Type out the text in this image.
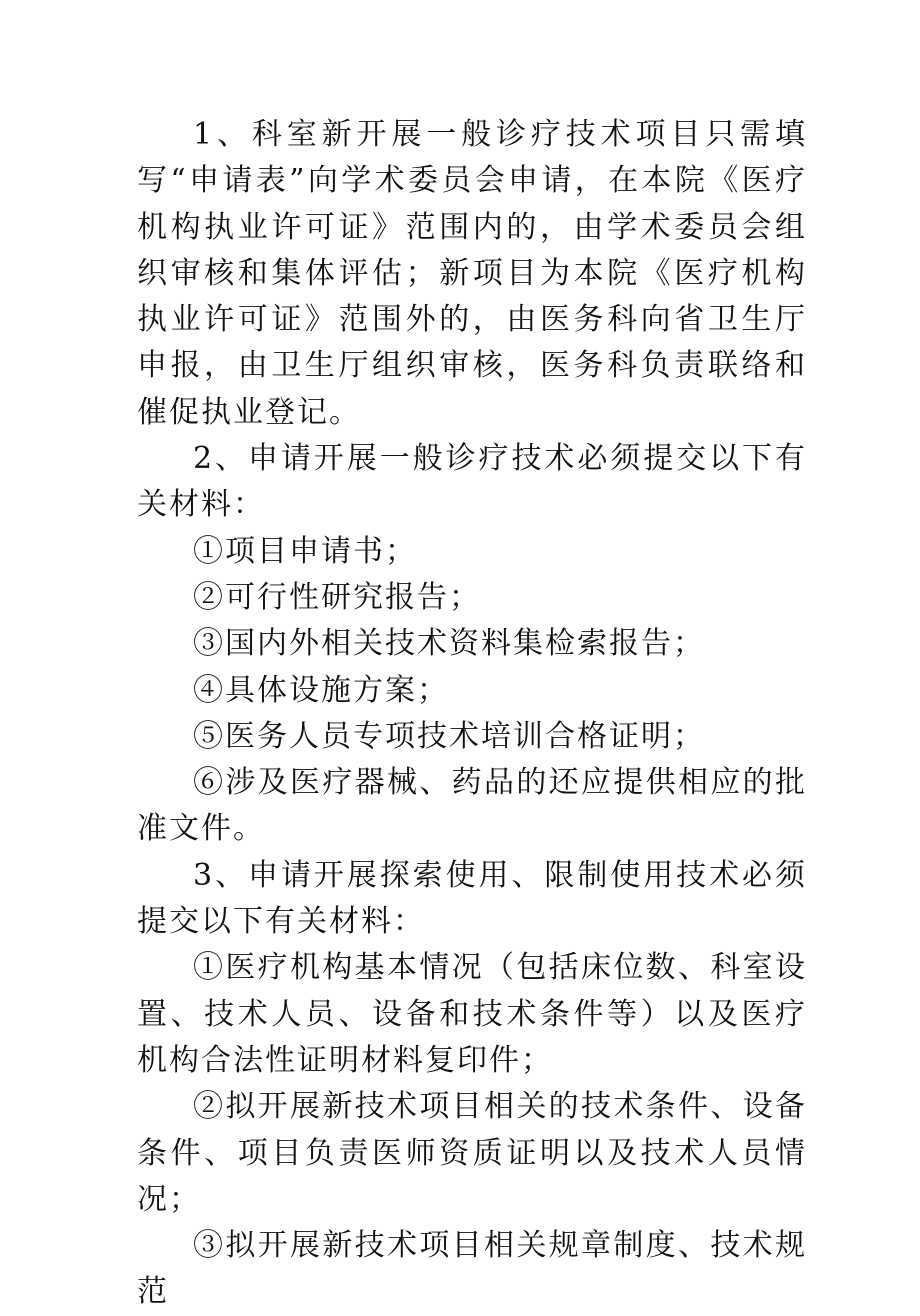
1、科室新开展一般诊疗技术项目只需填写“申请表”向学术委员会申请，在本院《医疗机构执业许可证》范围内的，由学术委员会组织审核和集体评估；新项目为本院《医疗机构执业许可证》范围外的，由医务科向省卫生厅申报，由卫生厅组织审核，医务科负责联络和催促执业登记。

2、申请开展一般诊疗技术必须提交以下有关材料：

①项目申请书；

②可行性研究报告；

③国内外相关技术资料集检索报告；

④具体设施方案；

⑤医务人员专项技术培训合格证明；

⑥涉及医疗器械、药品的还应提供相应的批准文件。

3、申请开展探索使用、限制使用技术必须提交以下有关材料：

①医疗机构基本情况（包括床位数、科室设置、技术人员、设备和技术条件等）以及医疗机构合法性证明材料复印件；

②拟开展新技术项目相关的技术条件、设备条件、项目负责医师资质证明以及技术人员情况；

③拟开展新技术项目相关规章制度、技术规范
